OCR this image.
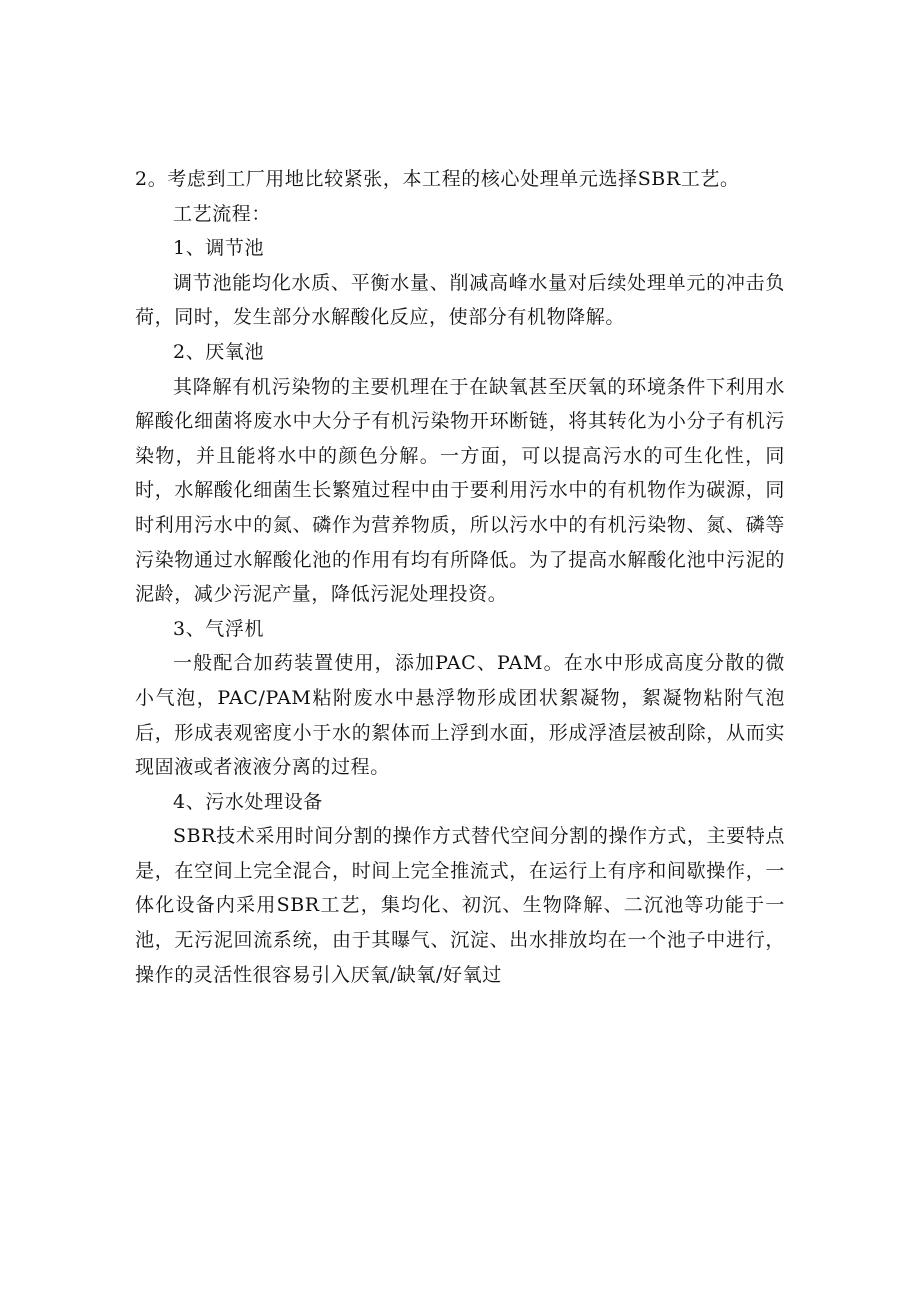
2。考虑到工厂用地比较紧张，本工程的核心处理单元选择SBR工艺。

工艺流程：

1、调节池

调节池能均化水质、平衡水量、削减高峰水量对后续处理单元的冲击负荷，同时，发生部分水解酸化反应，使部分有机物降解。

2、厌氧池

其降解有机污染物的主要机理在于在缺氧甚至厌氧的环境条件下利用水解酸化细菌将废水中大分子有机污染物开环断链，将其转化为小分子有机污染物，并且能将水中的颜色分解。一方面，可以提高污水的可生化性，同时，水解酸化细菌生长繁殖过程中由于要利用污水中的有机物作为碳源，同时利用污水中的氮、磷作为营养物质，所以污水中的有机污染物、氮、磷等污染物通过水解酸化池的作用有均有所降低。为了提高水解酸化池中污泥的泥龄，减少污泥产量，降低污泥处理投资。

3、气浮机

一般配合加药装置使用，添加PAC、PAM。在水中形成高度分散的微小气泡，PAC/PAM粘附废水中悬浮物形成团状絮凝物，絮凝物粘附气泡后，形成表观密度小于水的絮体而上浮到水面，形成浮渣层被刮除，从而实现固液或者液液分离的过程。

4、污水处理设备

SBR技术采用时间分割的操作方式替代空间分割的操作方式，主要特点是，在空间上完全混合，时间上完全推流式，在运行上有序和间歇操作，一体化设备内采用SBR工艺，集均化、初沉、生物降解、二沉池等功能于一池，无污泥回流系统，由于其曝气、沉淀、出水排放均在一个池子中进行，操作的灵活性很容易引入厌氧/缺氧/好氧过
